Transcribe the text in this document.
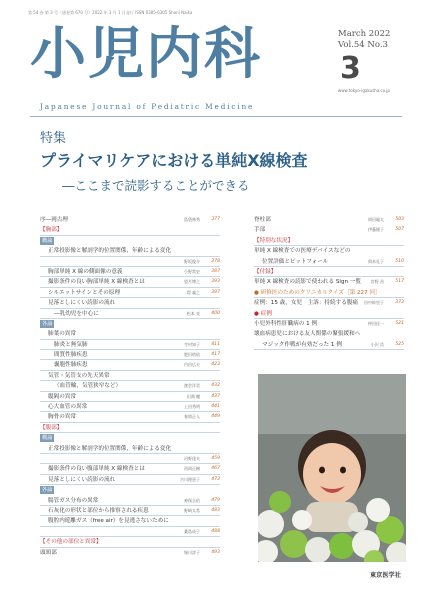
第 54 巻 第 3 号（通巻第 670 号）2022 年 3 月 1 日発行 ISSN 0385-6305 Shoni Naika
小児内科
Japanese Journal of Pediatric Medicine
March 2022
Vol.54 No.3
3
www.tokyo-igakusha.co.jp
特集
プライマリケアにおける単純X線検査
―ここまで読影することができる
序―岡古理	島袋林秀 377
【胸部】
概論
正常投影像と解剖学的位置関係，年齢による変化
野坂俊介 378
胸部単純 X 線の側面像の意義	小野貴史 387
撮影条件の良い胸部単純 X 線検査とは	望月博之 393
シルエットサインとその原理	堤 義之 397
見落としにくい読影の流れ
―乳幼児を中心に	松本 亮 400
各論
肺葉の異常
肺炎と無気肺	寺村知子 411
間質性肺疾患	肥田侑依 417
嚢胞性肺疾患	内田広夫 423
気管・気管支の先天異常
（血管輪，気管狭窄など）	渡会洋美 432
縦隔の異常	田渕 樓 437
心大血管の異常	上田秀明 441
胸骨の異常	春岡正人 449
【腹部】
概論
正常投影像と解剖学的位置関係，年齢による変化
河野達夫 459
撮影条件の良い腹部単純 X 線検査とは	西岡正樹 467
見落としにくい読影の流れ	吉川理恵子 473
各論
腸管ガス分布の異常	神保圭佑 479
石灰化の形状と部位から推察される疾患	野崎太希 483
腹腔内遊離ガス（free air）を見逃さないために
桑島成子 488
【その他の部位と異常】
頭頸部	堀川詳子 493
脊柱部	岡田聡太 503
手部	伊藤健子 507
【特別な状況】
単純 X 線検査での医療デバイスなどの
位置評価とピットフォール	岡本礼子 510
【付録】
単純 X 線検査の読影で使われる Sign 一覧 宮野 昌 517
● 研修医のためのクリニカルクイズ［第 227 回］
症例：15 歳，女児　主訴：持続する腹痛 田中絵里子 373
● 症例
小児外科性肝臓病の 1 例	仲田佳一 521
壊血病患児における友人関係の緊張緩和へ
マジック作戦が有効だった 1 例	小沢 浩 525
東京医学社
